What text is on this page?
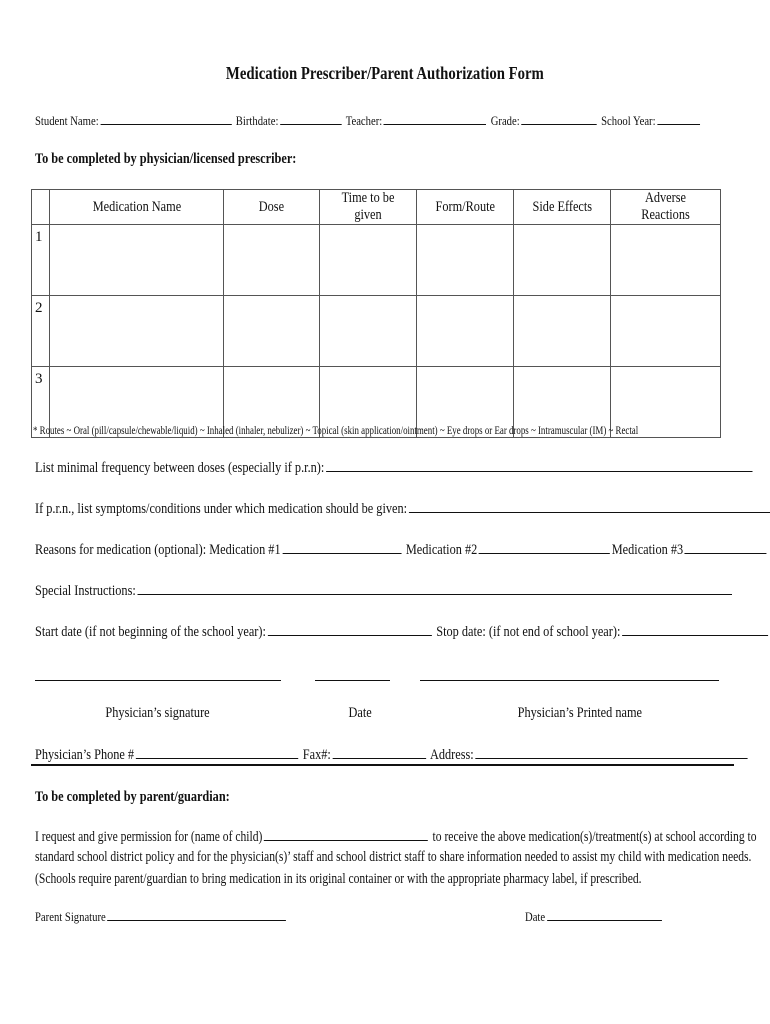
Medication Prescriber/Parent Authorization Form
Student Name:	Birthdate:	Teacher:	Grade:	School Year:
To be completed by physician/licensed prescriber:
	Medication Name	Dose	Time to be given	Form/Route	Side Effects	Adverse Reactions
1						
2						
3						
* Routes ~ Oral (pill/capsule/chewable/liquid) ~ Inhaled (inhaler, nebulizer) ~ Topical (skin application/ointment) ~ Eye drops or Ear drops ~ Intramuscular (IM) ~ Rectal
List minimal frequency between doses (especially if p.r.n):
If p.r.n., list symptoms/conditions under which medication should be given:
Reasons for medication (optional): Medication #1	Medication #2	Medication #3
Special Instructions:
Start date (if not beginning of the school year):	Stop date: (if not end of school year):
Physician’s signature	Date	Physician’s Printed name
Physician’s Phone #	Fax#:	Address:
To be completed by parent/guardian:
I request and give permission for (name of child)	to receive the above medication(s)/treatment(s) at school according to
standard school district policy and for the physician(s)’ staff and school district staff to share information needed to assist my child with medication needs.
(Schools require parent/guardian to bring medication in its original container or with the appropriate pharmacy label, if prescribed.
Parent Signature	Date
